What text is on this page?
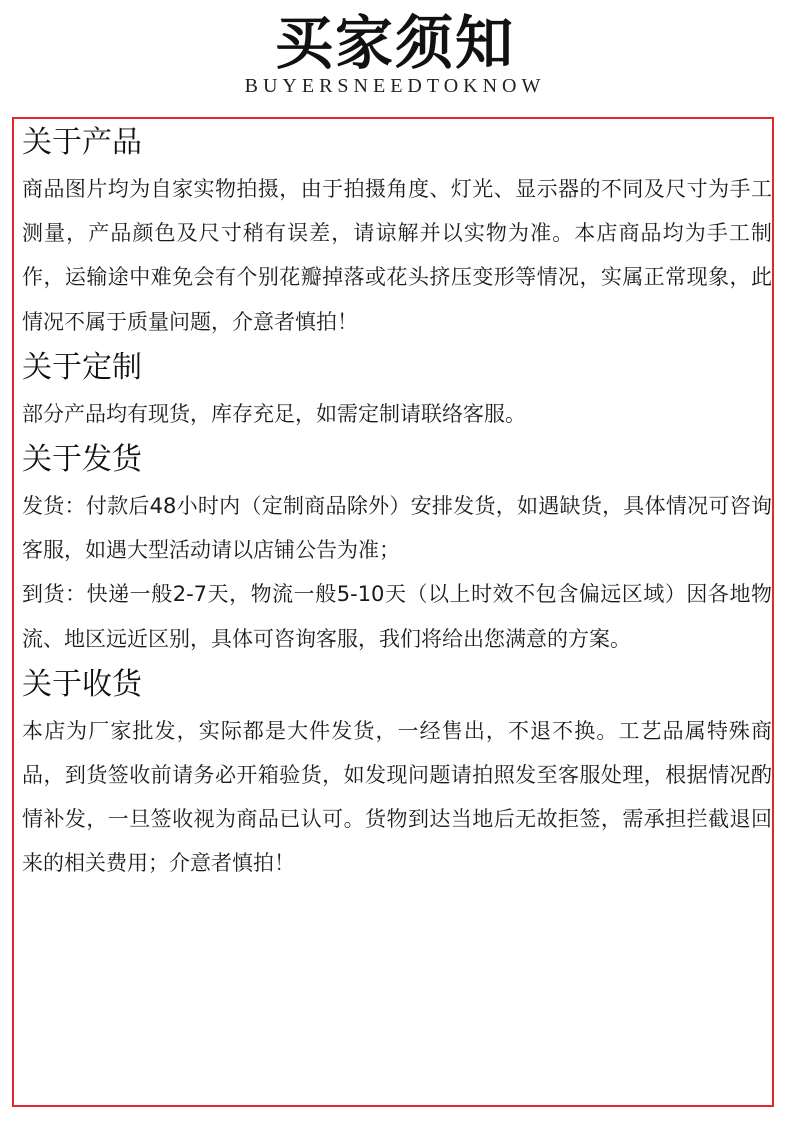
买家须知
BUYERSNEEDTOKNOW
关于产品
商品图片均为自家实物拍摄，由于拍摄角度、灯光、显示器的不同及尺寸为手工测量，产品颜色及尺寸稍有误差，请谅解并以实物为准。本店商品均为手工制作，运输途中难免会有个别花瓣掉落或花头挤压变形等情况，实属正常现象，此情况不属于质量问题，介意者慎拍！
关于定制
部分产品均有现货，库存充足，如需定制请联络客服。
关于发货
发货：付款后48小时内（定制商品除外）安排发货，如遇缺货，具体情况可咨询客服，如遇大型活动请以店铺公告为准；
到货：快递一般2-7天，物流一般5-10天（以上时效不包含偏远区域）因各地物流、地区远近区别，具体可咨询客服，我们将给出您满意的方案。
关于收货
本店为厂家批发，实际都是大件发货，一经售出，不退不换。工艺品属特殊商品，到货签收前请务必开箱验货，如发现问题请拍照发至客服处理，根据情况酌情补发，一旦签收视为商品已认可。货物到达当地后无故拒签，需承担拦截退回来的相关费用；介意者慎拍！
